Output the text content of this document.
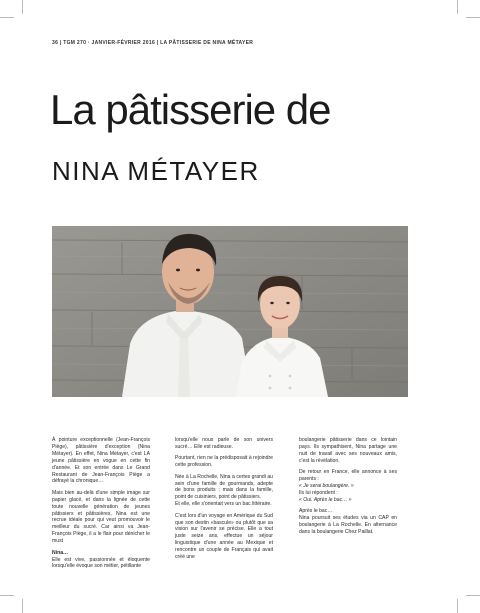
36 | TGM 270 · JANVIER-FÉVRIER 2016 | LA PÂTISSERIE DE NINA MÉTAYER
La pâtisserie de
NINA MÉTAYER

À pointure exceptionnelle (Jean-François Piège), pâtissière d'exception (Nina Métayer). En effet, Nina Métayer, c'est LA jeune pâtissière en vogue en cette fin d'année. Et son entrée dans Le Grand Restaurant de Jean-François Piège a défrayé la chronique…

Mais bien au-delà d'une simple image sur papier glacé, et dans la lignée de cette toute nouvelle génération de jeunes pâtissiers et pâtissières, Nina est une recrue idéale pour qui veut promouvoir le meilleur du sucré. Car ainsi va Jean-François Piège, il a le flair pour dénicher le must

Nina…

Elle est vive, passionnée et éloquente lorsqu'elle évoque son métier, pétillante

lorsqu'elle nous parle de son univers sucré… Elle est radieuse.

Pourtant, rien ne la prédisposait à rejoindre cette profession.

Née à La Rochelle, Nina a certes grandi au sein d'une famille de gourmands, adepte de bons produits ; mais dans la famille, point de cuisiniers, point de pâtissiers.

Et elle, elle s'orientait vers un bac littéraire.

C'est lors d'un voyage en Amérique du Sud que son destin «bascule» ou plutôt que sa vision sur l'avenir se précise. Elle a tout juste seize ans, effectue un séjour linguistique d'une année au Mexique et rencontre un couple de Français qui avait créé une

boulangerie pâtisserie dans ce lointain pays. Ils sympathisent, Nina partage une nuit de travail avec ses nouveaux amis, c'est la révélation.

De retour en France, elle annonce à ses parents :

« Je serai boulangère. »

Ils lui répondent :

« Oui. Après le bac… »

Après le bac…

Nina poursuit ses études via un CAP en boulangerie à La Rochelle. En alternance dans la boulangerie Chez Paillat.
